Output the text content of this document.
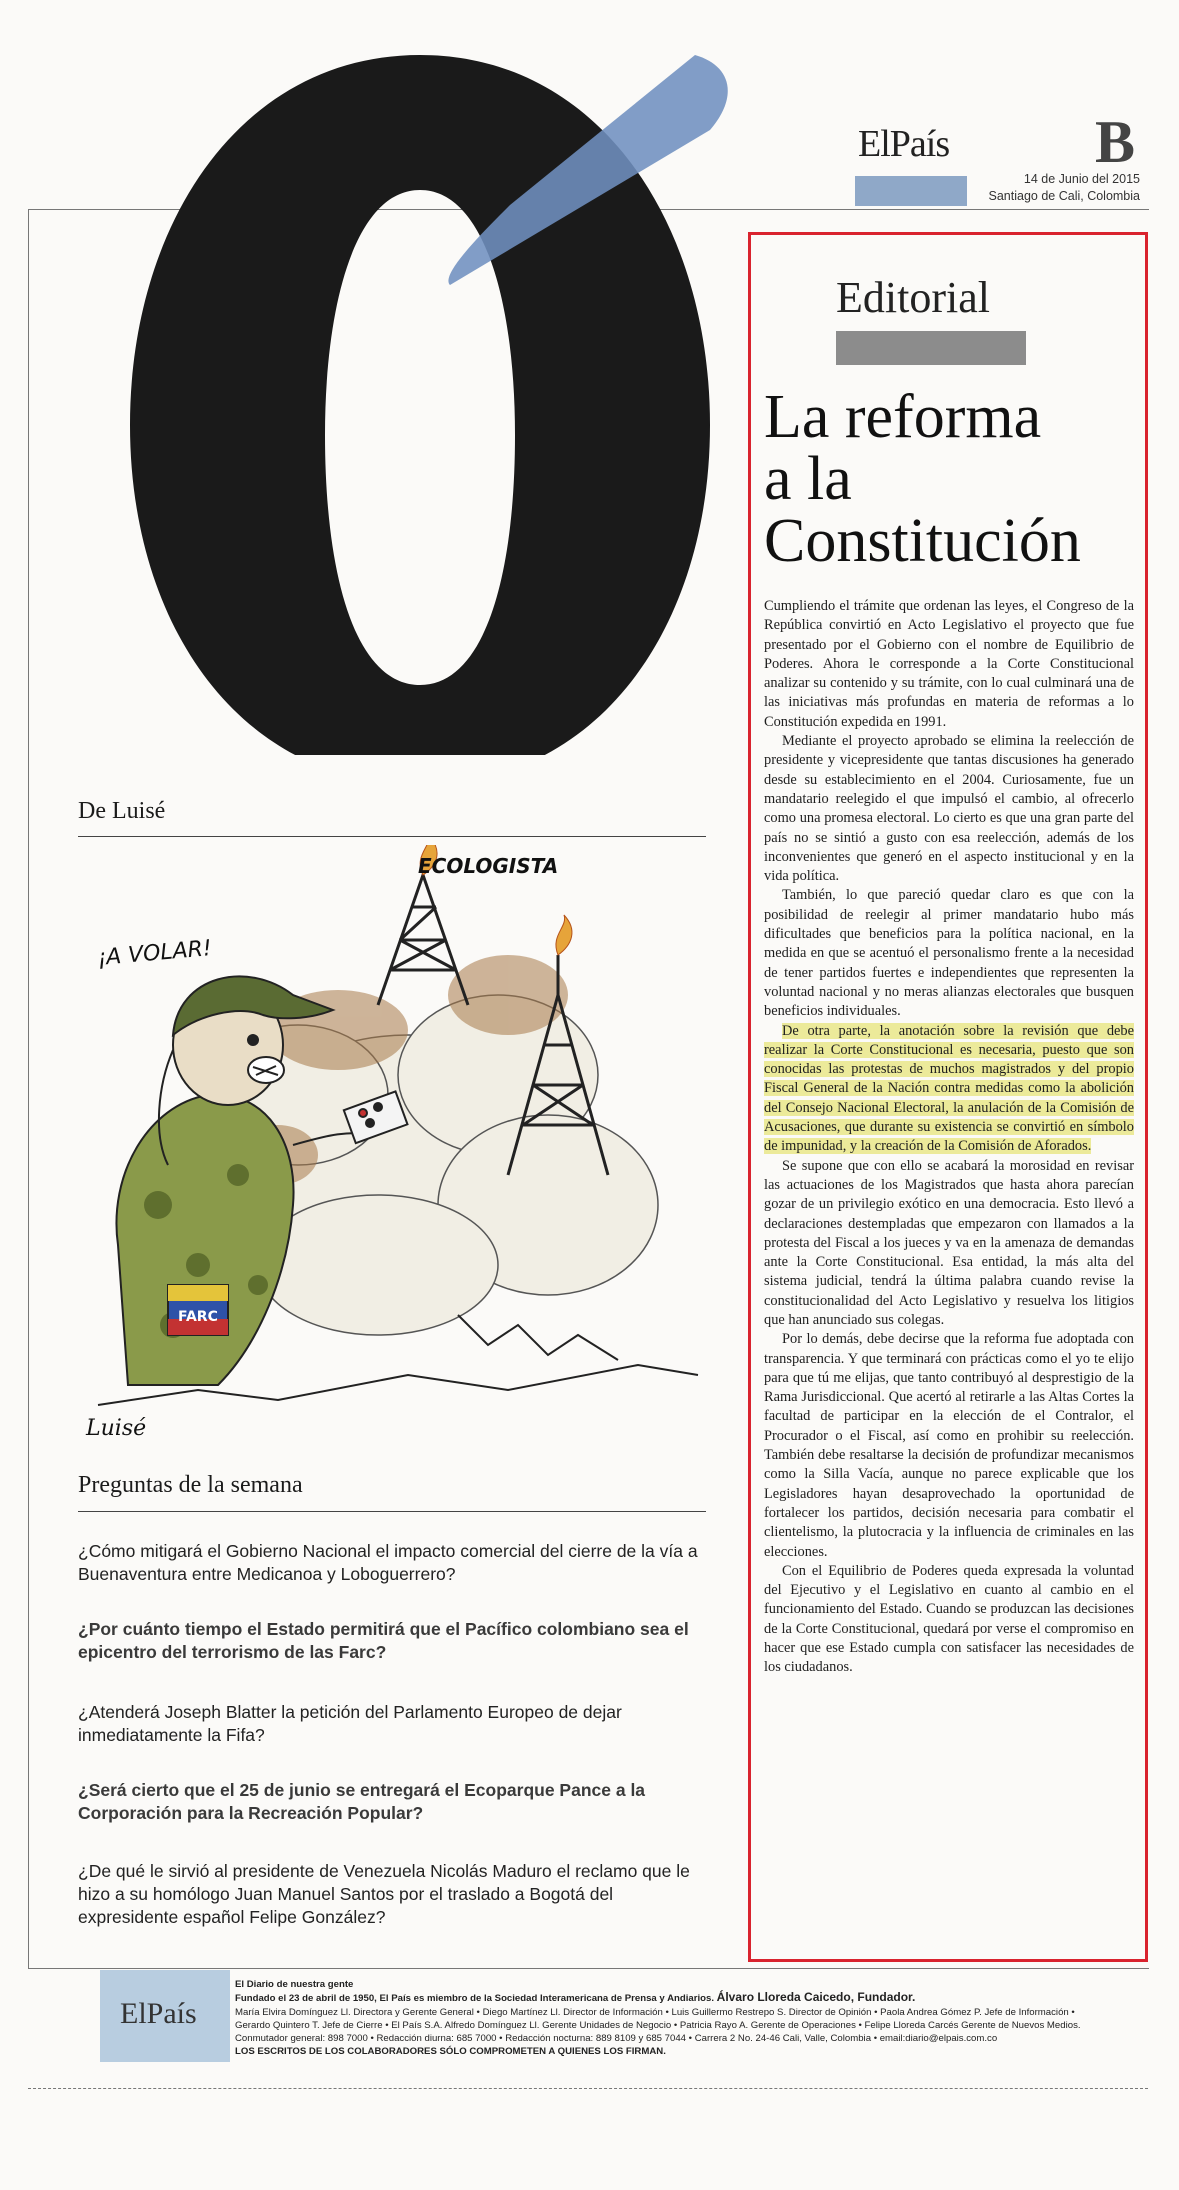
ElPaís B
14 de Junio del 2015
Santiago de Cali, Colombia
De Luisé
ECOLOGISTA
¡A VOLAR!
FARC
Luisé
Preguntas de la semana
¿Cómo mitigará el Gobierno Nacional el impacto comercial del cierre de la vía a Buenaventura entre Medicanoa y Loboguerrero?
¿Por cuánto tiempo el Estado permitirá que el Pacífico colombiano sea el epicentro del terrorismo de las Farc?
¿Atenderá Joseph Blatter la petición del Parlamento Europeo de dejar inmediatamente la Fifa?
¿Será cierto que el 25 de junio se entregará el Ecoparque Pance a la Corporación para la Recreación Popular?
¿De qué le sirvió al presidente de Venezuela Nicolás Maduro el reclamo que le hizo a su homólogo Juan Manuel Santos por el traslado a Bogotá del expresidente español Felipe González?
Editorial
La reforma
a la
Constitución

Cumpliendo el trámite que ordenan las leyes, el Congreso de la República convirtió en Acto Legislativo el proyecto que fue presentado por el Gobierno con el nombre de Equilibrio de Poderes. Ahora le corresponde a la Corte Constitucional analizar su contenido y su trámite, con lo cual culminará una de las iniciativas más profundas en materia de reformas a lo Constitución expedida en 1991.

Mediante el proyecto aprobado se elimina la reelección de presidente y vicepresidente que tantas discusiones ha generado desde su establecimiento en el 2004. Curiosamente, fue un mandatario reelegido el que impulsó el cambio, al ofrecerlo como una promesa electoral. Lo cierto es que una gran parte del país no se sintió a gusto con esa reelección, además de los inconvenientes que generó en el aspecto institucional y en la vida política.

También, lo que pareció quedar claro es que con la posibilidad de reelegir al primer mandatario hubo más dificultades que beneficios para la política nacional, en la medida en que se acentuó el personalismo frente a la necesidad de tener partidos fuertes e independientes que representen la voluntad nacional y no meras alianzas electorales que busquen beneficios individuales.

De otra parte, la anotación sobre la revisión que debe realizar la Corte Constitucional es necesaria, puesto que son conocidas las protestas de muchos magistrados y del propio Fiscal General de la Nación contra medidas como la abolición del Consejo Nacional Electoral, la anulación de la Comisión de Acusaciones, que durante su existencia se convirtió en símbolo de impunidad, y la creación de la Comisión de Aforados.

Se supone que con ello se acabará la morosidad en revisar las actuaciones de los Magistrados que hasta ahora parecían gozar de un privilegio exótico en una democracia. Esto llevó a declaraciones destempladas que empezaron con llamados a la protesta del Fiscal a los jueces y va en la amenaza de demandas ante la Corte Constitucional. Esa entidad, la más alta del sistema judicial, tendrá la última palabra cuando revise la constitucionalidad del Acto Legislativo y resuelva los litigios que han anunciado sus colegas.

Por lo demás, debe decirse que la reforma fue adoptada con transparencia. Y que terminará con prácticas como el yo te elijo para que tú me elijas, que tanto contribuyó al desprestigio de la Rama Jurisdiccional. Que acertó al retirarle a las Altas Cortes la facultad de participar en la elección de el Contralor, el Procurador o el Fiscal, así como en prohibir su reelección. También debe resaltarse la decisión de profundizar mecanismos como la Silla Vacía, aunque no parece explicable que los Legisladores hayan desaprovechado la oportunidad de fortalecer los partidos, decisión necesaria para combatir el clientelismo, la plutocracia y la influencia de criminales en las elecciones.

Con el Equilibrio de Poderes queda expresada la voluntad del Ejecutivo y el Legislativo en cuanto al cambio en el funcionamiento del Estado. Cuando se produzcan las decisiones de la Corte Constitucional, quedará por verse el compromiso en hacer que ese Estado cumpla con satisfacer las necesidades de los ciudadanos.

ElPaís
El Diario de nuestra gente
Fundado el 23 de abril de 1950, El País es miembro de la Sociedad Interamericana de Prensa y Andiarios. Álvaro Lloreda Caicedo, Fundador.
María Elvira Domínguez Ll. Directora y Gerente General • Diego Martínez Ll. Director de Información • Luis Guillermo Restrepo S. Director de Opinión • Paola Andrea Gómez P. Jefe de Información •
Gerardo Quintero T. Jefe de Cierre • El País S.A. Alfredo Domínguez Ll. Gerente Unidades de Negocio • Patricia Rayo A. Gerente de Operaciones • Felipe Lloreda Carcés Gerente de Nuevos Medios.
Conmutador general: 898 7000 • Redacción diurna: 685 7000 • Redacción nocturna: 889 8109 y 685 7044 • Carrera 2 No. 24-46 Cali, Valle, Colombia • email:diario@elpais.com.co
LOS ESCRITOS DE LOS COLABORADORES SÓLO COMPROMETEN A QUIENES LOS FIRMAN.
